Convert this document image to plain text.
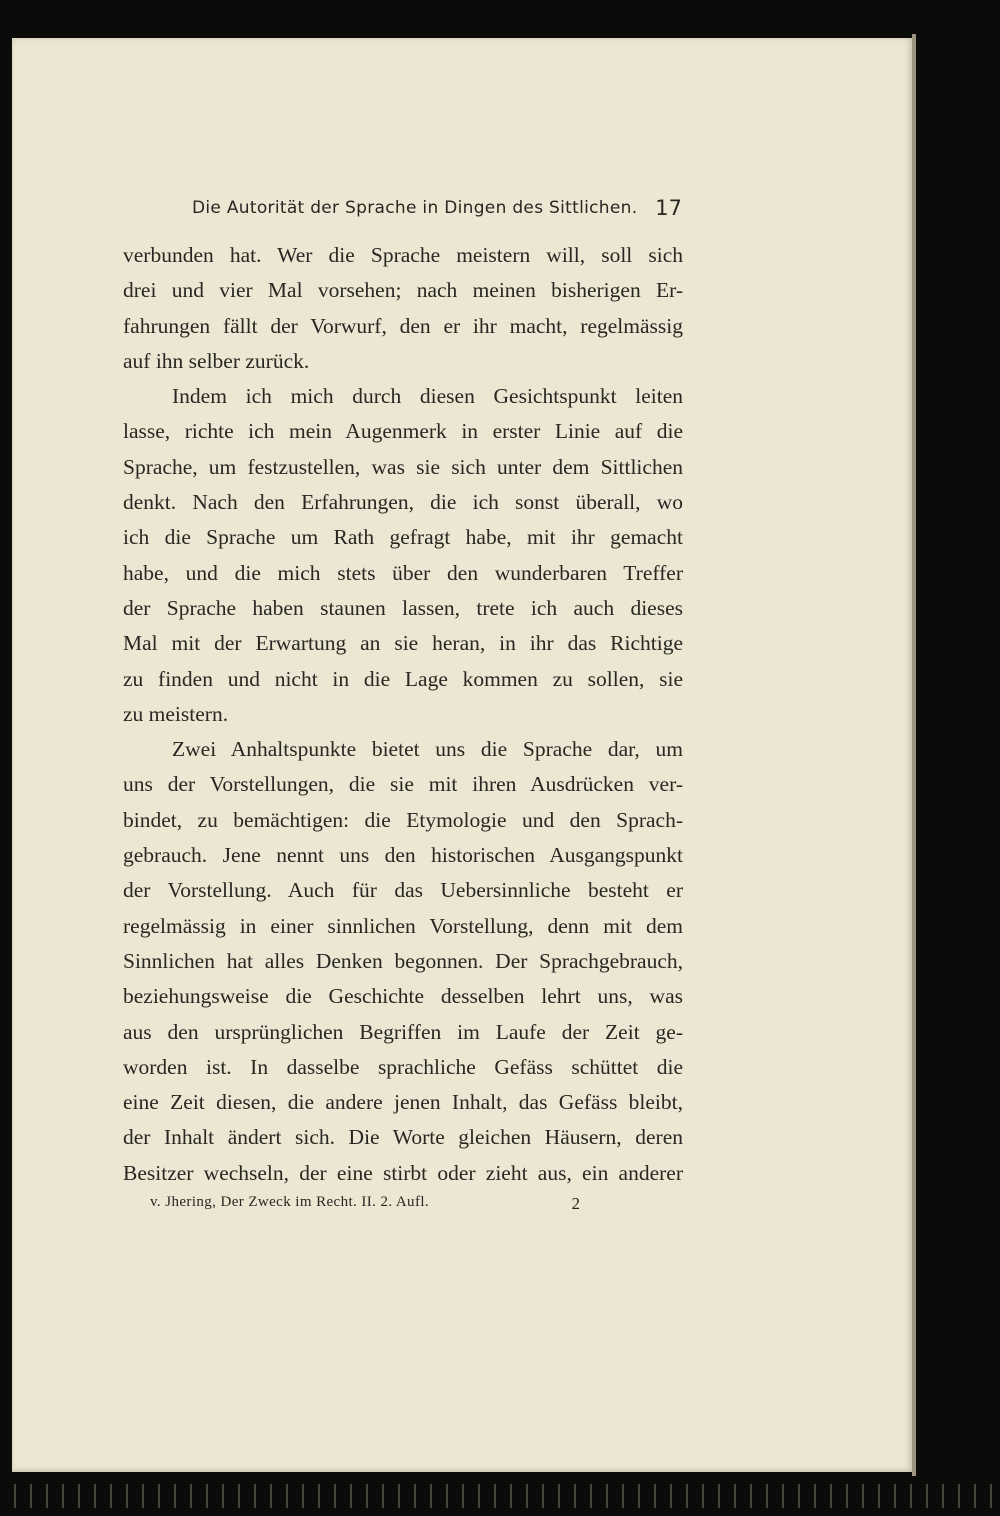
Die Autorität der Sprache in Dingen des Sittlichen. 17
verbunden hat. Wer die Sprache meistern will, soll sich
drei und vier Mal vorsehen; nach meinen bisherigen Er-
fahrungen fällt der Vorwurf, den er ihr macht, regelmässig
auf ihn selber zurück.
Indem ich mich durch diesen Gesichtspunkt leiten
lasse, richte ich mein Augenmerk in erster Linie auf die
Sprache, um festzustellen, was sie sich unter dem Sittlichen
denkt. Nach den Erfahrungen, die ich sonst überall, wo
ich die Sprache um Rath gefragt habe, mit ihr gemacht
habe, und die mich stets über den wunderbaren Treffer
der Sprache haben staunen lassen, trete ich auch dieses
Mal mit der Erwartung an sie heran, in ihr das Richtige
zu finden und nicht in die Lage kommen zu sollen, sie
zu meistern.
Zwei Anhaltspunkte bietet uns die Sprache dar, um
uns der Vorstellungen, die sie mit ihren Ausdrücken ver-
bindet, zu bemächtigen: die Etymologie und den Sprach-
gebrauch. Jene nennt uns den historischen Ausgangspunkt
der Vorstellung. Auch für das Uebersinnliche besteht er
regelmässig in einer sinnlichen Vorstellung, denn mit dem
Sinnlichen hat alles Denken begonnen. Der Sprachgebrauch,
beziehungsweise die Geschichte desselben lehrt uns, was
aus den ursprünglichen Begriffen im Laufe der Zeit ge-
worden ist. In dasselbe sprachliche Gefäss schüttet die
eine Zeit diesen, die andere jenen Inhalt, das Gefäss bleibt,
der Inhalt ändert sich. Die Worte gleichen Häusern, deren
Besitzer wechseln, der eine stirbt oder zieht aus, ein anderer
v. Jhering, Der Zweck im Recht. II. 2. Aufl.	2
